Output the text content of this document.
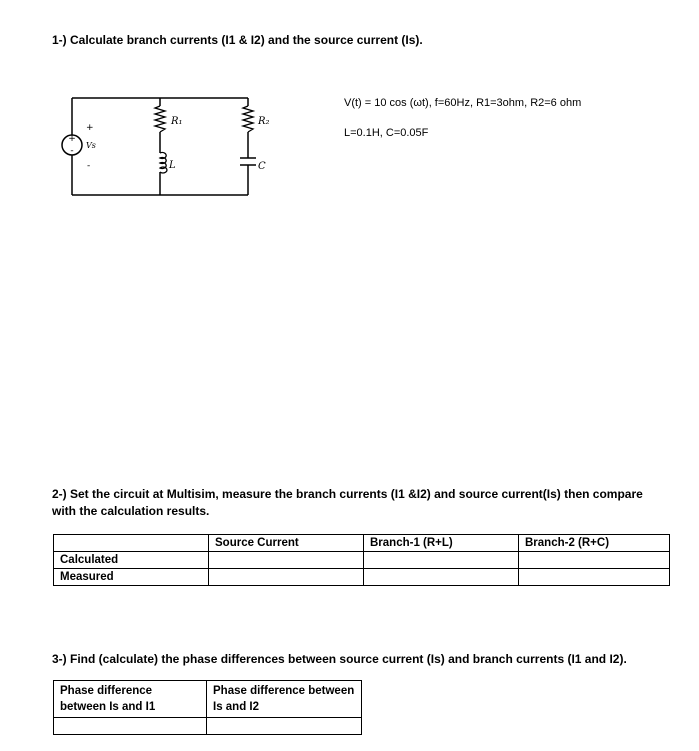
1-) Calculate branch currents (I1 & I2) and the source current (Is).
+
-
R₁
L
R₂
C
Vs
+
-
V(t) = 10 cos (ωt), f=60Hz, R1=3ohm, R2=6 ohm
L=0.1H, C=0.05F
2-) Set the circuit at Multisim, measure the branch currents (I1 &I2) and source current(Is) then compare with the calculation results.
	Source Current	Branch-1 (R+L)	Branch-2 (R+C)
Calculated			
Measured			
3-) Find (calculate) the phase differences between source current (Is) and branch currents (I1 and I2).
Phase difference between Is and I1	Phase difference between Is and I2
